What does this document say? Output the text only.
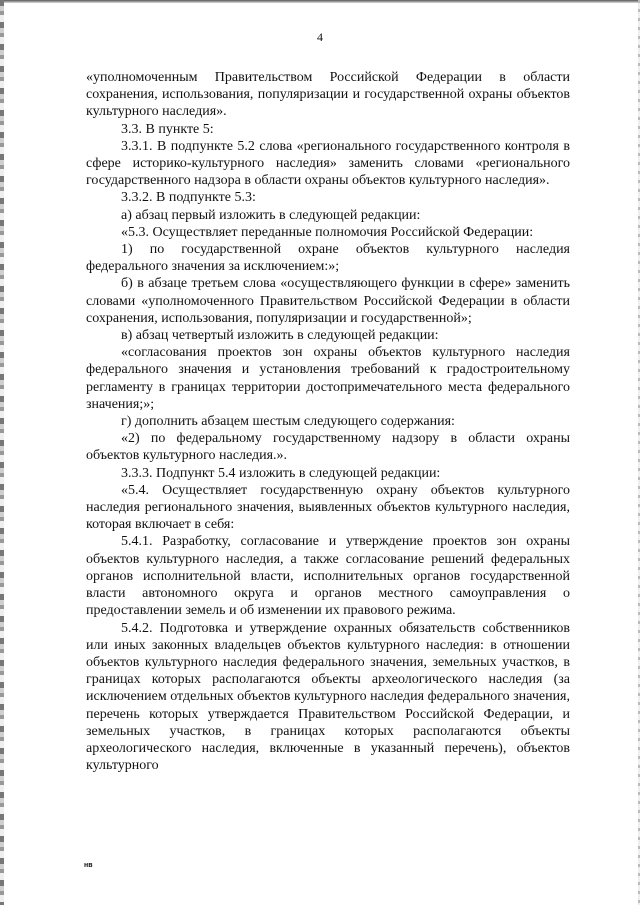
4

«уполномоченным Правительством Российской Федерации в области сохранения, использования, популяризации и государственной охраны объектов культурного наследия».

3.3. В пункте 5:

3.3.1. В подпункте 5.2 слова «регионального государственного контроля в сфере историко-культурного наследия» заменить словами «регионального государственного надзора в области охраны объектов культурного наследия».

3.3.2. В подпункте 5.3:

а) абзац первый изложить в следующей редакции:

«5.3. Осуществляет переданные полномочия Российской Федерации:

1) по государственной охране объектов культурного наследия федерального значения за исключением:»;

б) в абзаце третьем слова «осуществляющего функции в сфере» заменить словами «уполномоченного Правительством Российской Федерации в области сохранения, использования, популяризации и государственной»;

в) абзац четвертый изложить в следующей редакции:

«согласования проектов зон охраны объектов культурного наследия федерального значения и установления требований к градостроительному регламенту в границах территории достопримечательного места федерального значения;»;

г) дополнить абзацем шестым следующего содержания:

«2) по федеральному государственному надзору в области охраны объектов культурного наследия.».

3.3.3. Подпункт 5.4 изложить в следующей редакции:

«5.4. Осуществляет государственную охрану объектов культурного наследия регионального значения, выявленных объектов культурного наследия, которая включает в себя:

5.4.1. Разработку, согласование и утверждение проектов зон охраны объектов культурного наследия, а также согласование решений федеральных органов исполнительной власти, исполнительных органов государственной власти автономного округа и органов местного самоуправления о предоставлении земель и об изменении их правового режима.

5.4.2. Подготовка и утверждение охранных обязательств собственников или иных законных владельцев объектов культурного наследия: в отношении объектов культурного наследия федерального значения, земельных участков, в границах которых располагаются объекты археологического наследия (за исключением отдельных объектов культурного наследия федерального значения, перечень которых утверждается Правительством Российской Федерации, и земельных участков, в границах которых располагаются объекты археологического наследия, включенные в указанный перечень), объектов культурного

нв
